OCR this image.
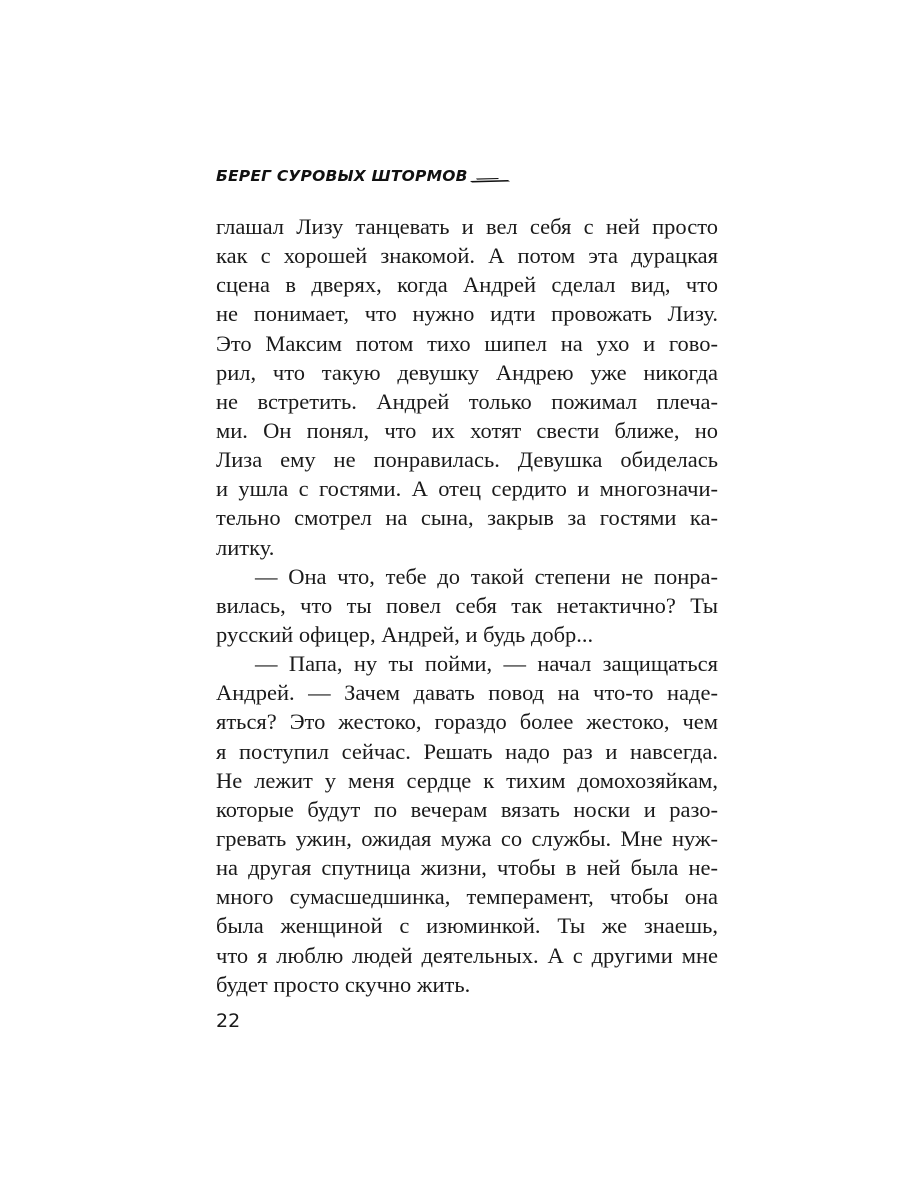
БЕРЕГ СУРОВЫХ ШТОРМОВ
глашал Лизу танцевать и вел себя с ней просто
как с хорошей знакомой. А потом эта дурацкая
сцена в дверях, когда Андрей сделал вид, что
не понимает, что нужно идти провожать Лизу.
Это Максим потом тихо шипел на ухо и гово-
рил, что такую девушку Андрею уже никогда
не встретить. Андрей только пожимал плеча-
ми. Он понял, что их хотят свести ближе, но
Лиза ему не понравилась. Девушка обиделась
и ушла с гостями. А отец сердито и многозначи-
тельно смотрел на сына, закрыв за гостями ка-
литку.
— Она что, тебе до такой степени не понра-
вилась, что ты повел себя так нетактично? Ты
русский офицер, Андрей, и будь добр...
— Папа, ну ты пойми, — начал защищаться
Андрей. — Зачем давать повод на что-то наде-
яться? Это жестоко, гораздо более жестоко, чем
я поступил сейчас. Решать надо раз и навсегда.
Не лежит у меня сердце к тихим домохозяйкам,
которые будут по вечерам вязать носки и разо-
гревать ужин, ожидая мужа со службы. Мне нуж-
на другая спутница жизни, чтобы в ней была не-
много сумасшедшинка, темперамент, чтобы она
была женщиной с изюминкой. Ты же знаешь,
что я люблю людей деятельных. А с другими мне
будет просто скучно жить.
22
